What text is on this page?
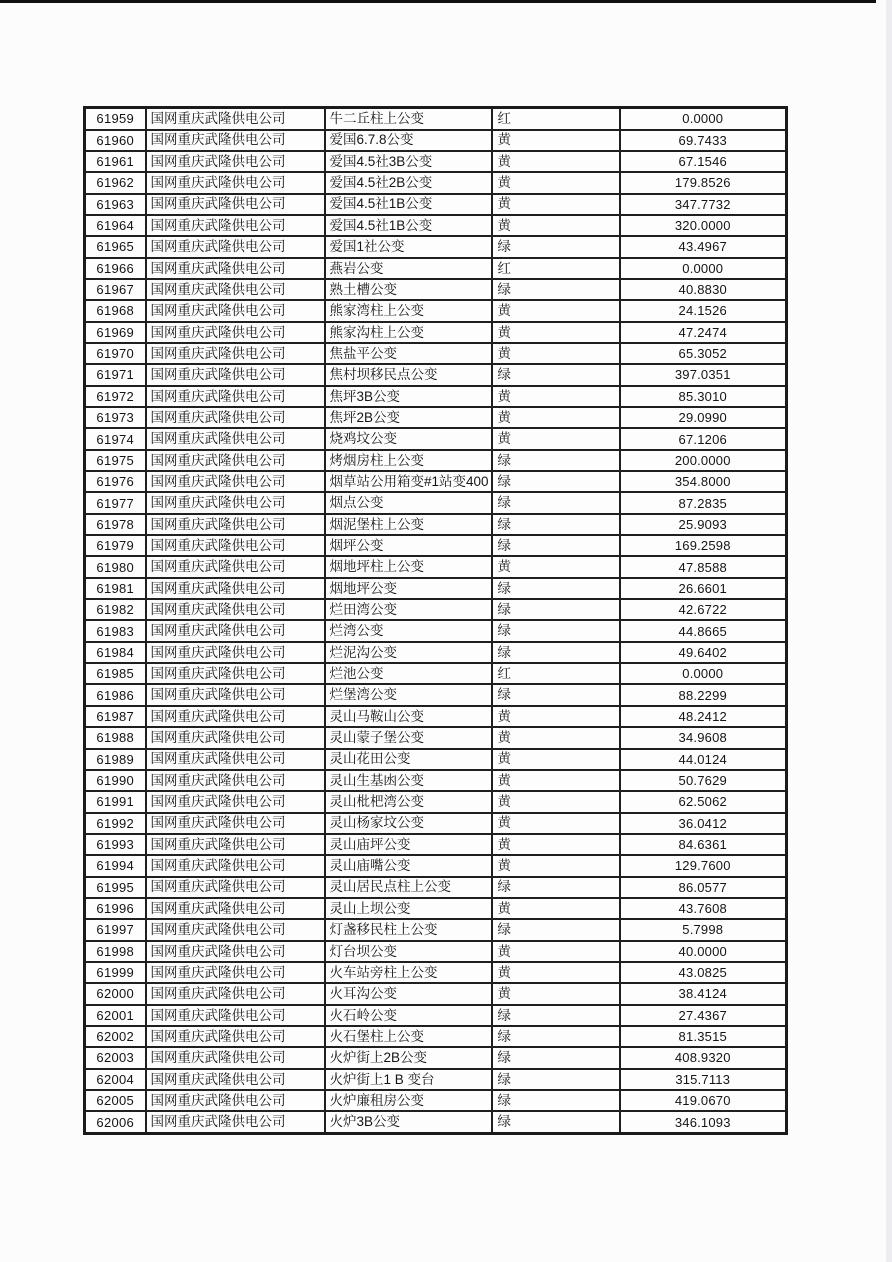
61959	国网重庆武隆供电公司	牛二丘柱上公变	红	0.0000
61960	国网重庆武隆供电公司	爱国6.7.8公变	黄	69.7433
61961	国网重庆武隆供电公司	爱国4.5社3B公变	黄	67.1546
61962	国网重庆武隆供电公司	爱国4.5社2B公变	黄	179.8526
61963	国网重庆武隆供电公司	爱国4.5社1B公变	黄	347.7732
61964	国网重庆武隆供电公司	爱国4.5社1B公变	黄	320.0000
61965	国网重庆武隆供电公司	爱国1社公变	绿	43.4967
61966	国网重庆武隆供电公司	燕岩公变	红	0.0000
61967	国网重庆武隆供电公司	熟土槽公变	绿	40.8830
61968	国网重庆武隆供电公司	熊家湾柱上公变	黄	24.1526
61969	国网重庆武隆供电公司	熊家沟柱上公变	黄	47.2474
61970	国网重庆武隆供电公司	焦盐平公变	黄	65.3052
61971	国网重庆武隆供电公司	焦村坝移民点公变	绿	397.0351
61972	国网重庆武隆供电公司	焦坪3B公变	黄	85.3010
61973	国网重庆武隆供电公司	焦坪2B公变	黄	29.0990
61974	国网重庆武隆供电公司	烧鸡坟公变	黄	67.1206
61975	国网重庆武隆供电公司	烤烟房柱上公变	绿	200.0000
61976	国网重庆武隆供电公司	烟草站公用箱变#1站变400	绿	354.8000
61977	国网重庆武隆供电公司	烟点公变	绿	87.2835
61978	国网重庆武隆供电公司	烟泥堡柱上公变	绿	25.9093
61979	国网重庆武隆供电公司	烟坪公变	绿	169.2598
61980	国网重庆武隆供电公司	烟地坪柱上公变	黄	47.8588
61981	国网重庆武隆供电公司	烟地坪公变	绿	26.6601
61982	国网重庆武隆供电公司	烂田湾公变	绿	42.6722
61983	国网重庆武隆供电公司	烂湾公变	绿	44.8665
61984	国网重庆武隆供电公司	烂泥沟公变	绿	49.6402
61985	国网重庆武隆供电公司	烂池公变	红	0.0000
61986	国网重庆武隆供电公司	烂堡湾公变	绿	88.2299
61987	国网重庆武隆供电公司	灵山马鞍山公变	黄	48.2412
61988	国网重庆武隆供电公司	灵山蒙子堡公变	黄	34.9608
61989	国网重庆武隆供电公司	灵山花田公变	黄	44.0124
61990	国网重庆武隆供电公司	灵山生基凼公变	黄	50.7629
61991	国网重庆武隆供电公司	灵山枇杷湾公变	黄	62.5062
61992	国网重庆武隆供电公司	灵山杨家坟公变	黄	36.0412
61993	国网重庆武隆供电公司	灵山庙坪公变	黄	84.6361
61994	国网重庆武隆供电公司	灵山庙嘴公变	黄	129.7600
61995	国网重庆武隆供电公司	灵山居民点柱上公变	绿	86.0577
61996	国网重庆武隆供电公司	灵山上坝公变	黄	43.7608
61997	国网重庆武隆供电公司	灯盏移民柱上公变	绿	5.7998
61998	国网重庆武隆供电公司	灯台坝公变	黄	40.0000
61999	国网重庆武隆供电公司	火车站旁柱上公变	黄	43.0825
62000	国网重庆武隆供电公司	火耳沟公变	黄	38.4124
62001	国网重庆武隆供电公司	火石岭公变	绿	27.4367
62002	国网重庆武隆供电公司	火石堡柱上公变	绿	81.3515
62003	国网重庆武隆供电公司	火炉街上2B公变	绿	408.9320
62004	国网重庆武隆供电公司	火炉街上1 B 变台	绿	315.7113
62005	国网重庆武隆供电公司	火炉廉租房公变	绿	419.0670
62006	国网重庆武隆供电公司	火炉3B公变	绿	346.1093
